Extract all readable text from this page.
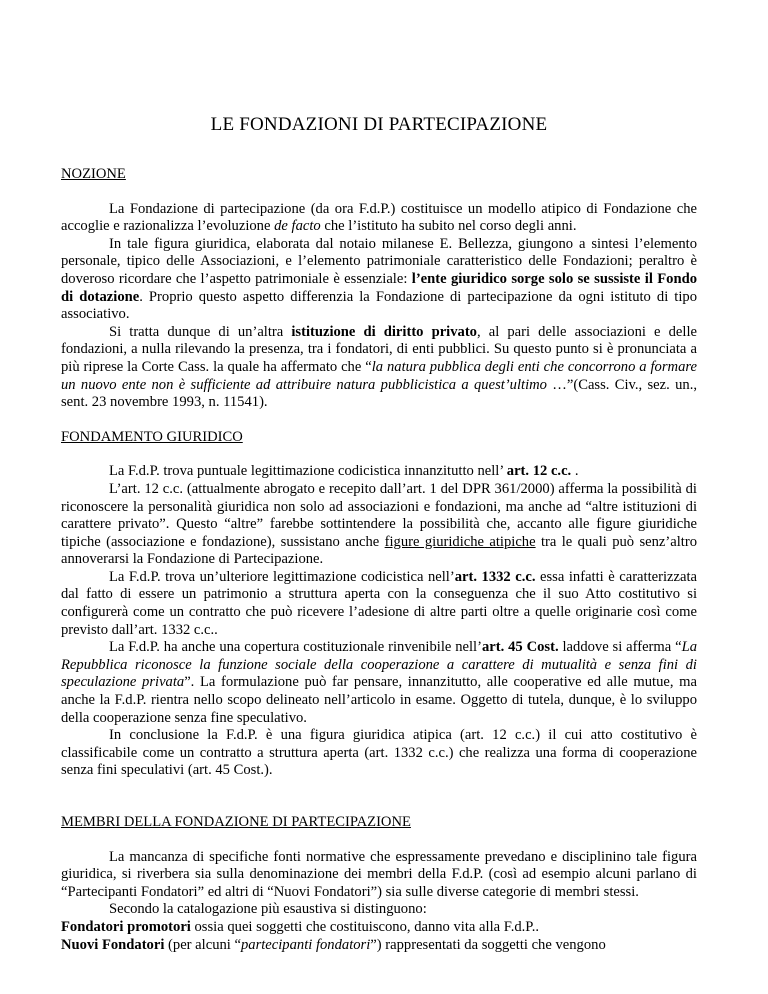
LE FONDAZIONI DI PARTECIPAZIONE
NOZIONE

La Fondazione di partecipazione (da ora F.d.P.) costituisce un modello atipico di Fondazione che accoglie e razionalizza l’evoluzione de facto che l’istituto ha subito nel corso degli anni.

In tale figura giuridica, elaborata dal notaio milanese E. Bellezza, giungono a sintesi l’elemento personale, tipico delle Associazioni, e l’elemento patrimoniale caratteristico delle Fondazioni; peraltro è doveroso ricordare che l’aspetto patrimoniale è essenziale: l’ente giuridico sorge solo se sussiste il Fondo di dotazione. Proprio questo aspetto differenzia la Fondazione di partecipazione da ogni istituto di tipo associativo.

Si tratta dunque di un’altra istituzione di diritto privato, al pari delle associazioni e delle fondazioni, a nulla rilevando la presenza, tra i fondatori, di enti pubblici. Su questo punto si è pronunciata a più riprese la Corte Cass. la quale ha affermato che “la natura pubblica degli enti che concorrono a formare un nuovo ente non è sufficiente ad attribuire natura pubblicistica a quest’ultimo …”(Cass. Civ., sez. un., sent. 23 novembre 1993, n. 11541).

FONDAMENTO GIURIDICO

La F.d.P. trova puntuale legittimazione codicistica innanzitutto nell’ art. 12 c.c. .

L’art. 12 c.c. (attualmente abrogato e recepito dall’art. 1 del DPR 361/2000) afferma la possibilità di riconoscere la personalità giuridica non solo ad associazioni e fondazioni, ma anche ad “altre istituzioni di carattere privato”. Questo “altre” farebbe sottintendere la possibilità che, accanto alle figure giuridiche tipiche (associazione e fondazione), sussistano anche figure giuridiche atipiche tra le quali può senz’altro annoverarsi la Fondazione di Partecipazione.

La F.d.P. trova un’ulteriore legittimazione codicistica nell’art. 1332 c.c. essa infatti è caratterizzata dal fatto di essere un patrimonio a struttura aperta con la conseguenza che il suo Atto costitutivo si configurerà come un contratto che può ricevere l’adesione di altre parti oltre a quelle originarie così come previsto dall’art. 1332 c.c..

La F.d.P. ha anche una copertura costituzionale rinvenibile nell’art. 45 Cost. laddove si afferma “La Repubblica riconosce la funzione sociale della cooperazione a carattere di mutualità e senza fini di speculazione privata”. La formulazione può far pensare, innanzitutto, alle cooperative ed alle mutue, ma anche la F.d.P. rientra nello scopo delineato nell’articolo in esame. Oggetto di tutela, dunque, è lo sviluppo della cooperazione senza fine speculativo.

In conclusione la F.d.P. è una figura giuridica atipica (art. 12 c.c.) il cui atto costitutivo è classificabile come un contratto a struttura aperta (art. 1332 c.c.) che realizza una forma di cooperazione senza fini speculativi (art. 45 Cost.).

MEMBRI DELLA FONDAZIONE DI PARTECIPAZIONE

La mancanza di specifiche fonti normative che espressamente prevedano e disciplinino tale figura giuridica, si riverbera sia sulla denominazione dei membri della F.d.P. (così ad esempio alcuni parlano di “Partecipanti Fondatori” ed altri di “Nuovi Fondatori”) sia sulle diverse categorie di membri stessi.

Secondo la catalogazione più esaustiva si distinguono:

Fondatori promotori ossia quei soggetti che costituiscono, danno vita alla F.d.P..

Nuovi Fondatori (per alcuni “partecipanti fondatori”) rappresentati da soggetti che vengono
